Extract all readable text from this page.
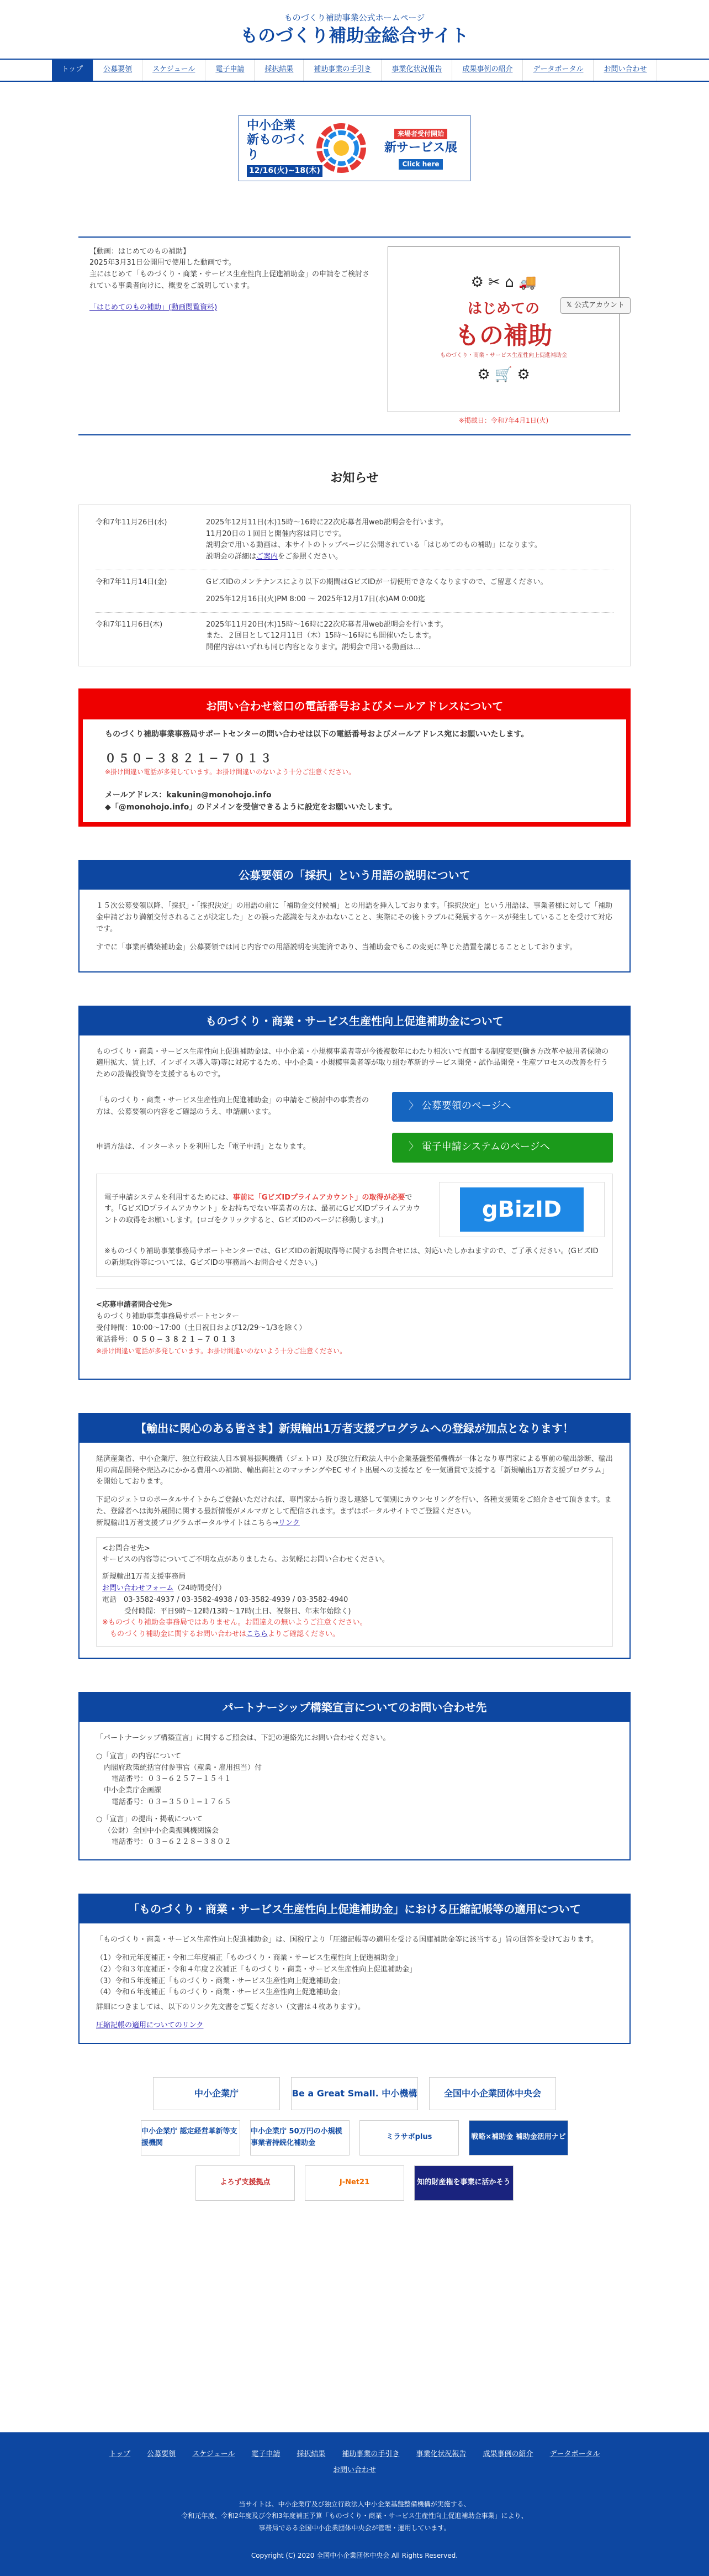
ものづくり補助事業公式ホームページ
ものづくり補助金総合サイト
トップ	公募要領	スケジュール	電子申請	採択結果	補助事業の手引き	事業化状況報告	成果事例の紹介	データポータル	お問い合わせ
中小企業
新ものづくり
12/16(火)~18(木)
来場者受付開始
新サービス展
Click here
𝕏 公式アカウント
【動画：はじめてのもの補助】
2025年3月31日公開用で使用した動画です。
主にはじめて「ものづくり・商業・サービス生産性向上促進補助金」の申請をご検討されている事業者向けに、概要をご説明しています。
「はじめてのもの補助」(動画閲覧資料)
⚙ ✂ ⌂ 🚚
はじめての
もの補助
ものづくり・商業・サービス生産性向上促進補助金
⚙ 🛒 ⚙
※掲載日：令和7年4月1日(火)
お知らせ
令和7年11月26日(水)	2025年12月11日(木)15時〜16時に22次応募者用web説明会を行います。
11月20日の１回目と開催内容は同じです。
説明会で用いる動画は、本サイトのトップページに公開されている「はじめてのもの補助」になります。
説明会の詳細はご案内をご参照ください。
令和7年11月14日(金)	GビズIDのメンテナンスにより以下の期間はGビズIDが一切使用できなくなりますので、ご留意ください。
2025年12月16日(火)PM 8:00 〜 2025年12月17日(水)AM 0:00迄
令和7年11月6日(木)	2025年11月20日(木)15時〜16時に22次応募者用web説明会を行います。
また、２回目として12月11日（木）15時〜16時にも開催いたします。
開催内容はいずれも同じ内容となります。説明会で用いる動画は...
お問い合わせ窓口の電話番号およびメールアドレスについて
ものづくり補助事業事務局サポートセンターの問い合わせは以下の電話番号およびメールアドレス宛にお願いいたします。
０５０−３８２１−７０１３
※掛け間違い電話が多発しています。お掛け間違いのないよう十分ご注意ください。
メールアドレス：kakunin@monohojo.info
◆「@monohojo.info」のドメインを受信できるように設定をお願いいたします。
公募要領の「採択」という用語の説明について

１５次公募要領以降、「採択」・「採択決定」の用語の前に「補助金交付候補」との用語を挿入しております。「採択決定」という用語は、事業者様に対して「補助金申請どおり満額交付されることが決定した」との誤った認識を与えかねないことと、実際にその後トラブルに発展するケースが発生していることを受けて対応です。

すでに「事業再構築補助金」公募要領では同じ内容での用語説明を実施済であり、当補助金でもこの変更に準じた措置を講じることとしております。

ものづくり・商業・サービス生産性向上促進補助金について

ものづくり・商業・サービス生産性向上促進補助金は、中小企業・小規模事業者等が今後複数年にわたり相次いで直面する制度変更(働き方改革や被用者保険の適用拡大、賃上げ、インボイス導入等)等に対応するため、中小企業・小規模事業者等が取り組む革新的サービス開発・試作品開発・生産プロセスの改善を行うための設備投資等を支援するものです。

「ものづくり・商業・サービス生産性向上促進補助金」の申請をご検討中の事業者の方は、公募要領の内容をご確認のうえ、申請願います。	〉 公募要領のページへ
申請方法は、インターネットを利用した「電子申請」となります。	〉 電子申請システムのページへ
電子申請システムを利用するためには、事前に「GビズIDプライムアカウント」の取得が必要です。「GビズIDプライムアカウント」をお持ちでない事業者の方は、最初にGビズIDプライムアカウントの取得をお願いします。(ロゴをクリックすると、GビズIDのページに移動します。)	gBizID
※ものづくり補助事業事務局サポートセンターでは、GビズIDの新規取得等に関するお問合せには、対応いたしかねますので、ご了承ください。(GビズIDの新規取得等については、GビズIDの事務局へお問合せください。)
<応募申請者問合せ先>
ものづくり補助事業事務局サポートセンター
受付時間：10:00〜17:00（土日祝日および12/29〜1/3を除く）
電話番号：０５０−３８２１−７０１３
※掛け間違い電話が多発しています。お掛け間違いのないよう十分ご注意ください。
【輸出に関心のある皆さま】新規輸出1万者支援プログラムへの登録が加点となります！

経済産業省、中小企業庁、独立行政法人日本貿易振興機構（ジェトロ）及び独立行政法人中小企業基盤整備機構が一体となり専門家による事前の輸出診断、輸出用の商品開発や売込みにかかる費用への補助、輸出商社とのマッチングやEC サイト出展への支援など を一気通貫で支援する「新規輸出1万者支援プログラム」を開始しております。

下記のジェトロのポータルサイトからご登録いただければ、専門家から折り返し連絡して個別にカウンセリングを行い、各種支援策をご紹介させて頂きます。また、登録者へは海外展開に関する最新情報がメルマガとして配信されます。まずはポータルサイトでご登録ください。

新規輸出1万者支援プログラムポータルサイトはこちら→リンク

<お問合せ先>
サービスの内容等についてご不明な点がありましたら、お気軽にお問い合わせください。
新規輸出1万者支援事務局
お問い合わせフォーム（24時間受付）
電話　03-3582-4937 / 03-3582-4938 / 03-3582-4939 / 03-3582-4940
受付時間：平日9時〜12時/13時〜17時(土日、祝祭日、年末年始除く)
※ものづくり補助金事務局ではありません。お間違えの無いようご注意ください。
ものづくり補助金に関するお問い合わせはこちらよりご確認ください。
パートナーシップ構築宣言についてのお問い合わせ先

「パートナーシップ構築宣言」に関するご照会は、下記の連絡先にお問い合わせください。

○「宣言」の内容について
内閣府政策統括官付参事官（産業・雇用担当）付
電話番号：０３−６２５７−１５４１
中小企業庁企画課
電話番号：０３−３５０１−１７６５
○「宣言」の提出・掲載について
（公財）全国中小企業振興機関協会
電話番号：０３−６２２８−３８０２
「ものづくり・商業・サービス生産性向上促進補助金」における圧縮記帳等の適用について

「ものづくり・商業・サービス生産性向上促進補助金」は、国税庁より「圧縮記帳等の適用を受ける国庫補助金等に該当する」旨の回答を受けております。

（1）令和元年度補正・令和二年度補正「ものづくり・商業・サービス生産性向上促進補助金」
（2）令和３年度補正・令和４年度２次補正「ものづくり・商業・サービス生産性向上促進補助金」
（3）令和５年度補正「ものづくり・商業・サービス生産性向上促進補助金」
（4）令和６年度補正「ものづくり・商業・サービス生産性向上促進補助金」

詳細につきましては、以下のリンク先文書をご覧ください（文書は４枚あります）。

圧縮記帳の適用についてのリンク
中小企業庁	Be a Great Small. 中小機構	全国中小企業団体中央会
中小企業庁 認定経営革新等支援機関
中小企業庁 50万円の小規模事業者持続化補助金
ミラサポplus	戦略×補助金 補助金活用ナビ
よろず支援拠点	J-Net21	知的財産権を事業に活かそう
トップ 公募要領 スケジュール 電子申請 採択結果 補助事業の手引き 事業化状況報告 成果事例の紹介 データポータル
お問い合わせ
当サイトは、中小企業庁及び独立行政法人中小企業基盤整備機構が実施する、
令和元年度、令和2年度及び令和3年度補正予算「ものづくり・商業・サービス生産性向上促進補助金事業」により、
事務局である全国中小企業団体中央会が管理・運用しています。
Copyright (C) 2020 全国中小企業団体中央会 All Rights Reserved.
